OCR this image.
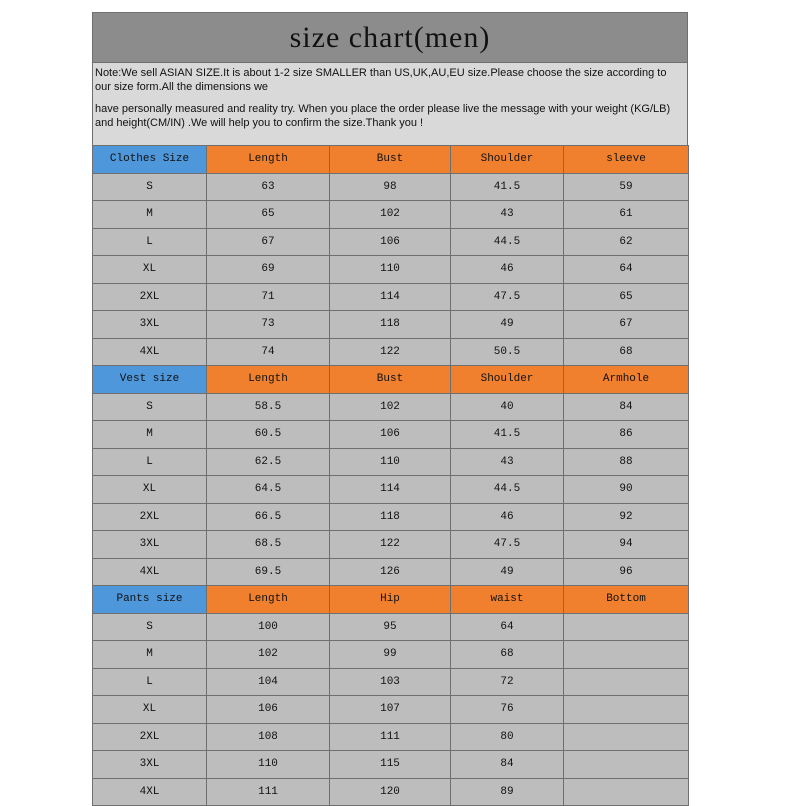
size chart(men)

Note:We sell ASIAN SIZE.It is about 1-2 size SMALLER than US,UK,AU,EU size.Please choose the size according to our size form.All the dimensions we

have personally measured and reality try. When you place the order please live the message with your weight (KG/LB) and height(CM/IN) .We will help you to confirm the size.Thank you !

Clothes Size	Length	Bust	Shoulder	sleeve
S	63	98	41.5	59
M	65	102	43	61
L	67	106	44.5	62
XL	69	110	46	64
2XL	71	114	47.5	65
3XL	73	118	49	67
4XL	74	122	50.5	68
Vest size	Length	Bust	Shoulder	Armhole
S	58.5	102	40	84
M	60.5	106	41.5	86
L	62.5	110	43	88
XL	64.5	114	44.5	90
2XL	66.5	118	46	92
3XL	68.5	122	47.5	94
4XL	69.5	126	49	96
Pants size	Length	Hip	waist	Bottom
S	100	95	64	
M	102	99	68	
L	104	103	72	
XL	106	107	76	
2XL	108	111	80	
3XL	110	115	84	
4XL	111	120	89	
